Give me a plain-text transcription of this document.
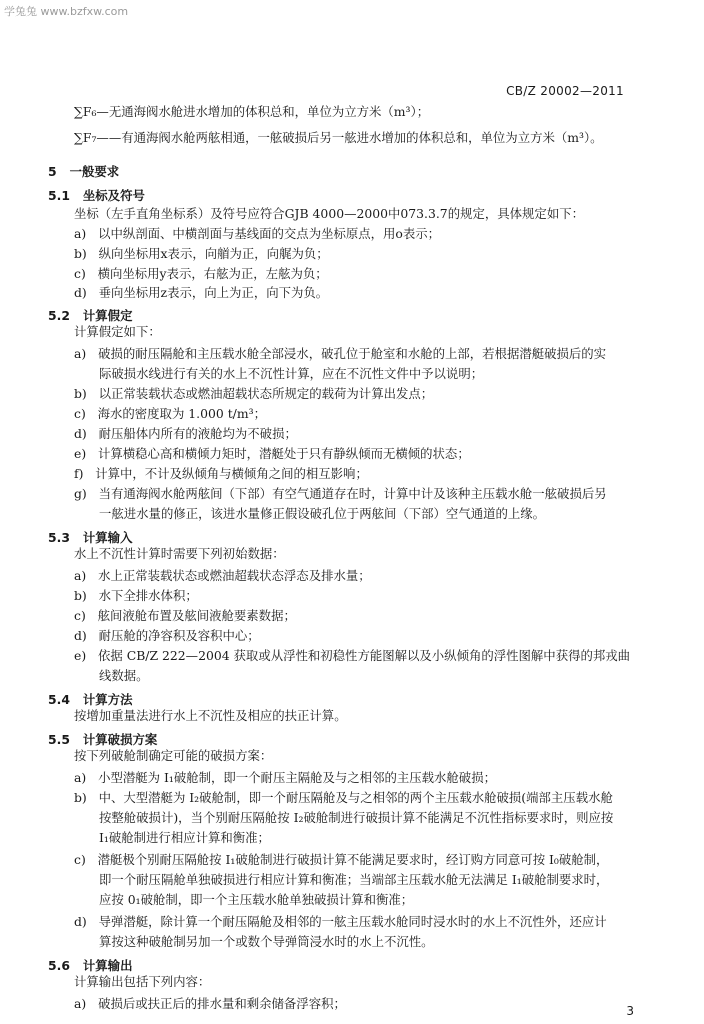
学兔兔 www.bzfxw.com
CB/Z 20002—2011
∑F₆—无通海阀水舱进水增加的体积总和，单位为立方米（m³）；
∑F₇——有通海阀水舱两舷相通，一舷破损后另一舷进水增加的体积总和，单位为立方米（m³）。
5 一般要求
5.1 坐标及符号
坐标（左手直角坐标系）及符号应符合GJB 4000—2000中073.3.7的规定，具体规定如下：
a) 以中纵剖面、中横剖面与基线面的交点为坐标原点，用o表示；
b) 纵向坐标用x表示，向艏为正，向艉为负；
c) 横向坐标用y表示，右舷为正，左舷为负；
d) 垂向坐标用z表示，向上为正，向下为负。
5.2 计算假定
计算假定如下：
a) 破损的耐压隔舱和主压载水舱全部浸水，破孔位于舱室和水舱的上部，若根据潜艇破损后的实
际破损水线进行有关的水上不沉性计算，应在不沉性文件中予以说明；
b) 以正常装载状态或燃油超载状态所规定的载荷为计算出发点；
c) 海水的密度取为 1.000 t/m³；
d) 耐压船体内所有的液舱均为不破损；
e) 计算横稳心高和横倾力矩时，潜艇处于只有静纵倾而无横倾的状态；
f) 计算中，不计及纵倾角与横倾角之间的相互影响；
g) 当有通海阀水舱两舷间（下部）有空气通道存在时，计算中计及该种主压载水舱一舷破损后另
一舷进水量的修正，该进水量修正假设破孔位于两舷间（下部）空气通道的上缘。
5.3 计算输入
水上不沉性计算时需要下列初始数据：
a) 水上正常装载状态或燃油超载状态浮态及排水量；
b) 水下全排水体积；
c) 舷间液舱布置及舷间液舱要素数据；
d) 耐压舱的净容积及容积中心；
e) 依据 CB/Z 222—2004 获取或从浮性和初稳性方能图解以及小纵倾角的浮性图解中获得的邦戎曲
线数据。
5.4 计算方法
按增加重量法进行水上不沉性及相应的扶正计算。
5.5 计算破损方案
按下列破舱制确定可能的破损方案：
a) 小型潜艇为 I₁破舱制，即一个耐压主隔舱及与之相邻的主压载水舱破损；
b) 中、大型潜艇为 I₂破舱制，即一个耐压隔舱及与之相邻的两个主压载水舱破损(端部主压载水舱
按整舱破损计)，当个别耐压隔舱按 I₂破舱制进行破损计算不能满足不沉性指标要求时，则应按
I₁破舱制进行相应计算和衡准；
c) 潜艇极个别耐压隔舱按 I₁破舱制进行破损计算不能满足要求时，经订购方同意可按 I₀破舱制，
即一个耐压隔舱单独破损进行相应计算和衡准；当端部主压载水舱无法满足 I₁破舱制要求时，
应按 0₁破舱制，即一个主压载水舱单独破损计算和衡准；
d) 导弹潜艇，除计算一个耐压隔舱及相邻的一舷主压载水舱同时浸水时的水上不沉性外，还应计
算按这种破舱制另加一个或数个导弹筒浸水时的水上不沉性。
5.6 计算输出
计算输出包括下列内容：
a) 破损后或扶正后的排水量和剩余储备浮容积；	3
